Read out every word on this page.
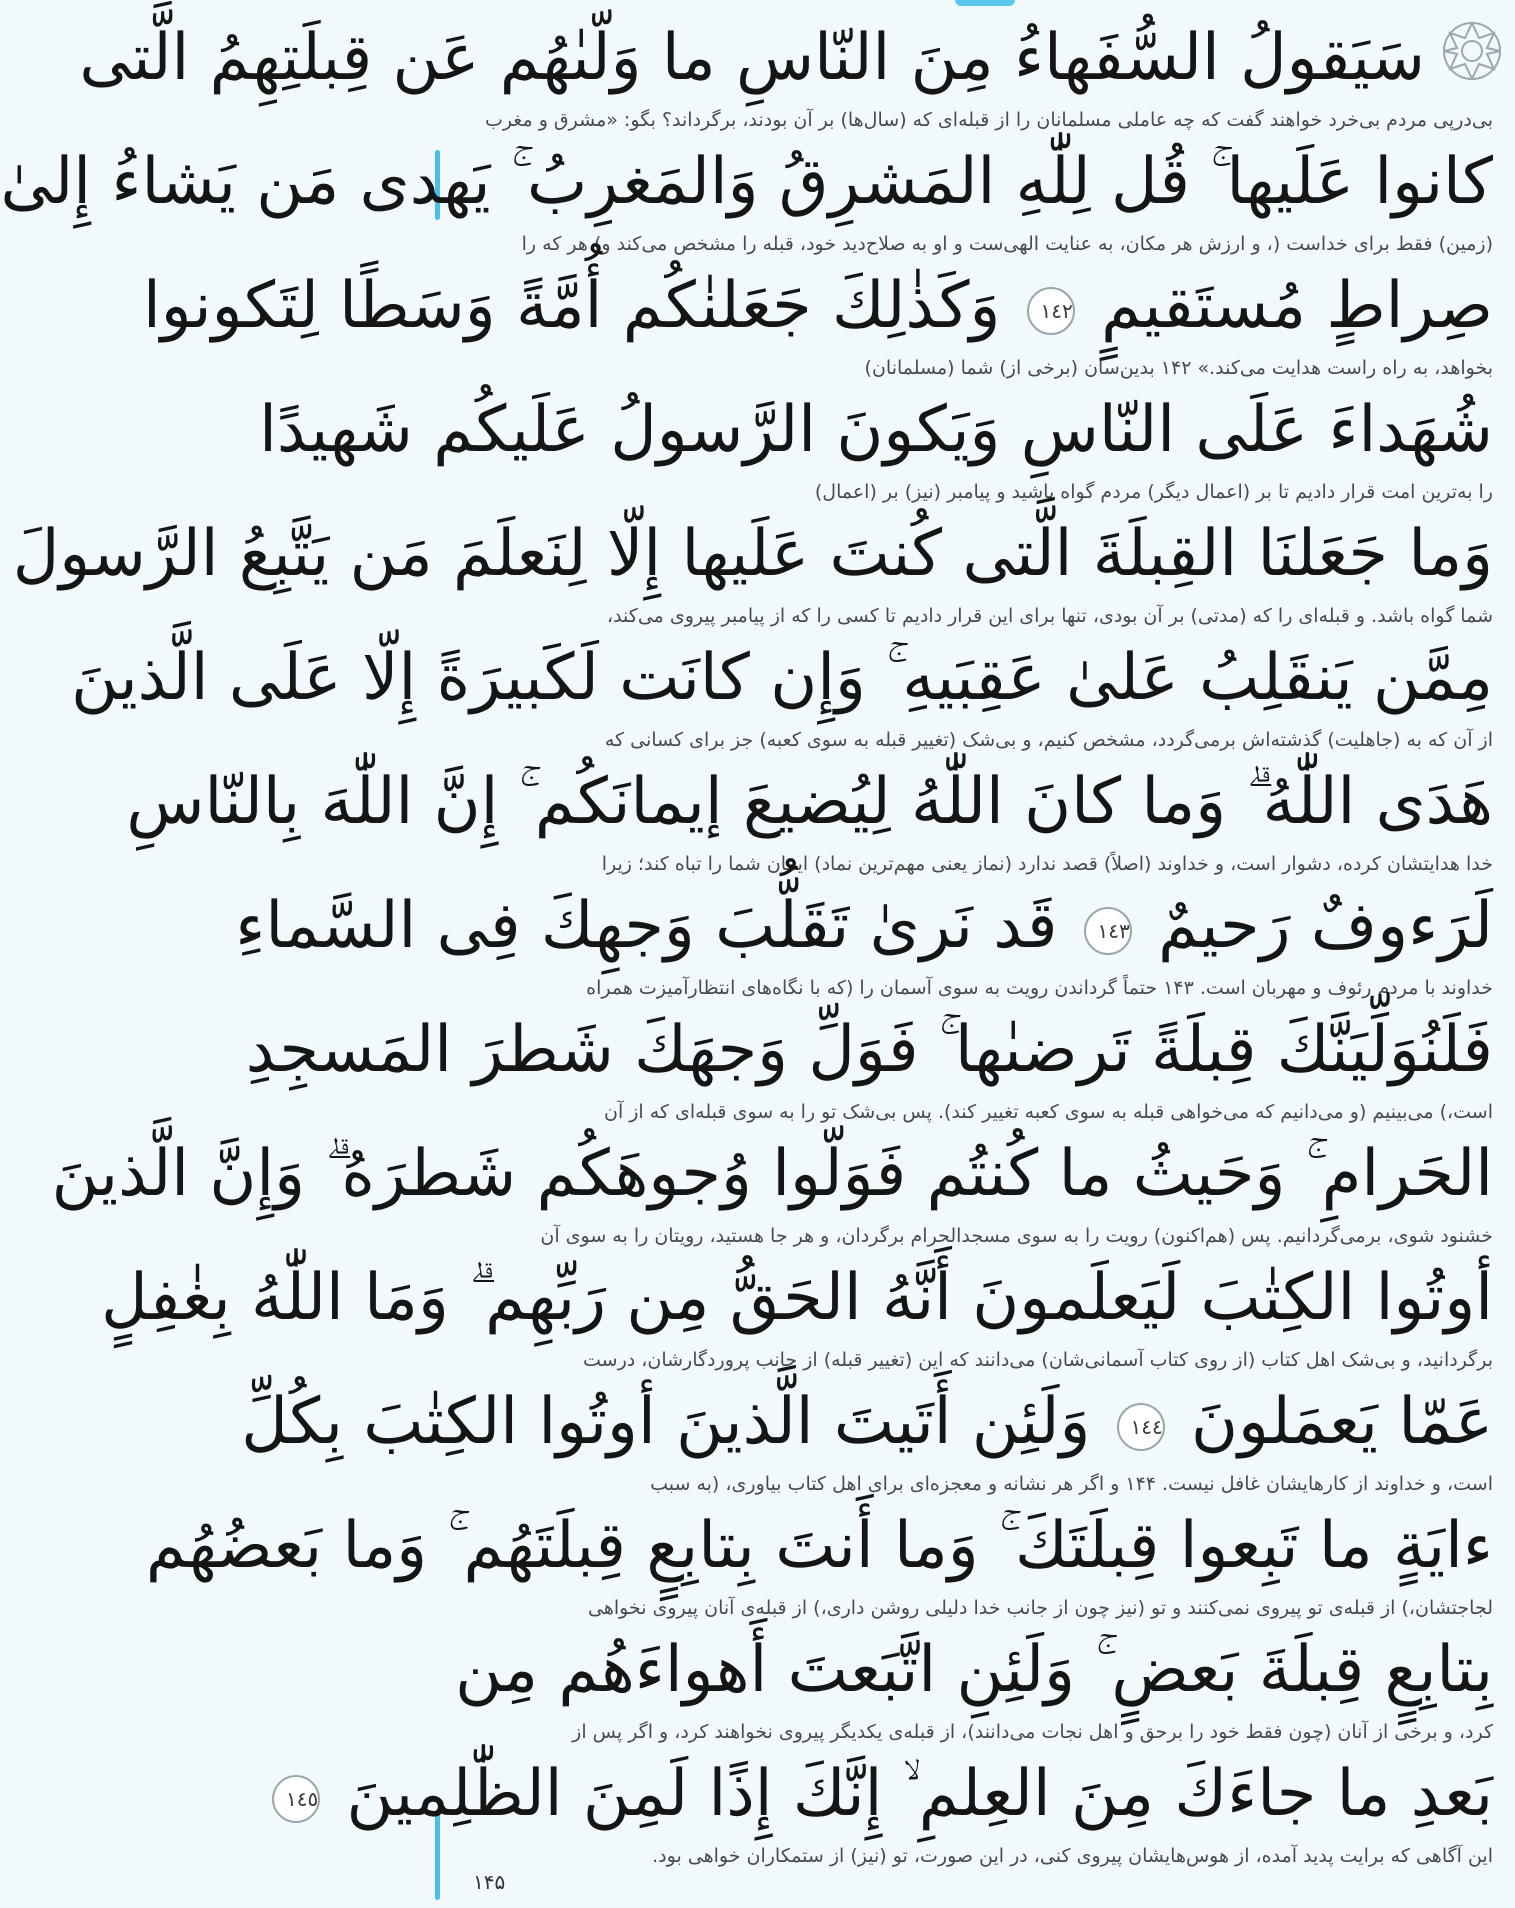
سَيَقولُ السُّفَهاءُ مِنَ النّاسِ ما وَلّىٰهُم عَن قِبلَتِهِمُ الَّتى
بی‌درپی مردم بی‌خرد خواهند گفت که چه عاملی مسلمانان را از قبله‌ای که (سال‌ها) بر آن بودند، برگرداند؟ بگو: «مشرق و مغرب
كانوا عَلَيها ۚ قُل لِلّٰهِ المَشرِقُ وَالمَغرِبُ ۚ يَهدى مَن يَشاءُ إِلىٰ
(زمین) فقط برای خداست (، و ارزش هر مکان، به عنایت الهی‌ست و او به صلاح‌دید خود، قبله را مشخص می‌کند و) هر که را
صِراطٍ مُستَقيمٍ ١٤٢ وَكَذٰلِكَ جَعَلنٰكُم أُمَّةً وَسَطًا لِتَكونوا
بخواهد، به راه راست هدایت می‌کند.» ۱۴۲ بدین‌سان (برخی از) شما (مسلمانان)
شُهَداءَ عَلَى النّاسِ وَيَكونَ الرَّسولُ عَلَيكُم شَهيدًا
را به‌ترین امت قرار دادیم تا بر (اعمال دیگر) مردم گواه باشید و پیامبر (نیز) بر (اعمال)
وَما جَعَلنَا القِبلَةَ الَّتى كُنتَ عَلَيها إِلّا لِنَعلَمَ مَن يَتَّبِعُ الرَّسولَ
شما گواه باشد. و قبله‌ای را که (مدتی) بر آن بودی، تنها برای این قرار دادیم تا کسی را که از پیامبر پیروی می‌کند،
مِمَّن يَنقَلِبُ عَلىٰ عَقِبَيهِ ۚ وَإِن كانَت لَكَبيرَةً إِلّا عَلَى الَّذينَ
از آن که به (جاهلیت) گذشته‌اش برمی‌گردد، مشخص کنیم، و بی‌شک (تغییر قبله به سوی کعبه) جز برای کسانی که
هَدَى اللّٰهُ ۗ وَما كانَ اللّٰهُ لِيُضيعَ إيمانَكُم ۚ إِنَّ اللّٰهَ بِالنّاسِ
خدا هدایتشان کرده، دشوار است، و خداوند (اصلاً) قصد ندارد (نماز یعنی مهم‌ترین نماد) ایمان شما را تباه کند؛ زیرا
لَرَءوفٌ رَحيمٌ ١٤٣ قَد نَرىٰ تَقَلُّبَ وَجهِكَ فِى السَّماءِ
خداوند با مردم رئوف و مهربان است. ۱۴۳ حتماً گرداندن رویت به سوی آسمان را (که با نگاه‌های انتظارآمیزت همراه
فَلَنُوَلِّيَنَّكَ قِبلَةً تَرضىٰها ۚ فَوَلِّ وَجهَكَ شَطرَ المَسجِدِ
است،) می‌بینیم (و می‌دانیم که می‌خواهی قبله به سوی کعبه تغییر کند). پس بی‌شک تو را به سوی قبله‌ای که از آن
الحَرامِ ۚ وَحَيثُ ما كُنتُم فَوَلّوا وُجوهَكُم شَطرَهُ ۗ وَإِنَّ الَّذينَ
خشنود شوی، برمی‌گردانیم. پس (هم‌اکنون) رویت را به سوی مسجدالحرام برگردان، و هر جا هستید، رویتان را به سوی آن
أوتُوا الكِتٰبَ لَيَعلَمونَ أَنَّهُ الحَقُّ مِن رَبِّهِم ۗ وَمَا اللّٰهُ بِغٰفِلٍ
برگردانید، و بی‌شک اهل کتاب (از روی کتاب آسمانی‌شان) می‌دانند که این (تغییر قبله) از جانب پروردگارشان، درست
عَمّا يَعمَلونَ ١٤٤ وَلَئِن أَتَيتَ الَّذينَ أوتُوا الكِتٰبَ بِكُلِّ
است، و خداوند از کارهایشان غافل نیست. ۱۴۴ و اگر هر نشانه و معجزه‌ای برای اهل کتاب بیاوری، (به سبب
ءايَةٍ ما تَبِعوا قِبلَتَكَ ۚ وَما أَنتَ بِتابِعٍ قِبلَتَهُم ۚ وَما بَعضُهُم
لجاجتشان،) از قبله‌ی تو پیروی نمی‌کنند و تو (نیز چون از جانب خدا دلیلی روشن داری،) از قبله‌ی آنان پیروی نخواهی
بِتابِعٍ قِبلَةَ بَعضٍ ۚ وَلَئِنِ اتَّبَعتَ أَهواءَهُم مِن
کرد، و برخی از آنان (چون فقط خود را برحق و اهل نجات می‌دانند)، از قبله‌ی یکدیگر پیروی نخواهند کرد، و اگر پس از
بَعدِ ما جاءَكَ مِنَ العِلمِ ۙ إِنَّكَ إِذًا لَمِنَ الظّٰلِمينَ ١٤٥
این آگاهی که برایت پدید آمده، از هوس‌هایشان پیروی کنی، در این صورت، تو (نیز) از ستمکاران خواهی بود.
۱۴۵
